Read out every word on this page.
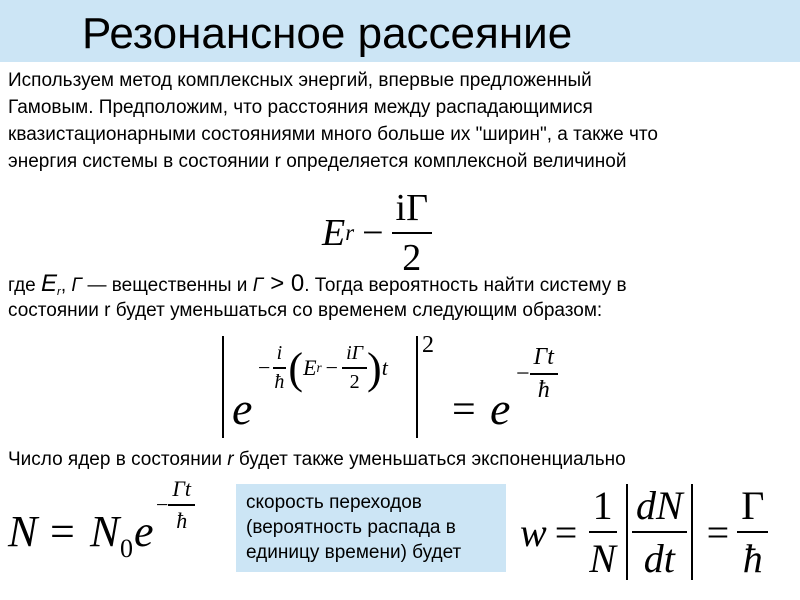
Резонансное рассеяние

Используем метод комплексных энергий, впервые предложенный

Гамовым. Предположим, что расстояния между распадающимися

квазистационарными состояниями много больше их "ширин", а также что

энергия системы в состоянии r определяется комплексной величиной

E $r - \frac{i\Gamma}{2}$

где $E_r$, Γ — вещественны и Γ > 0. Тогда вероятность найти систему в

состоянии r будет уменьшаться со временем следующим образом:

e
− $\frac{i}{ħ}$ ( E $r - \frac{i\Gamma}{2}$ ) t
2
= e
− $\frac{\Gamma t}{ħ}$

Число ядер в состоянии r будет также уменьшаться экспоненциально

N = N 0 e
− $\frac{\Gamma t}{ħ}$	скорость переходов
(вероятность распада в
единицу времени) будет	$w = \frac{1}{N} \frac{dN}{dt} = \frac{\Gamma}{ħ}$
